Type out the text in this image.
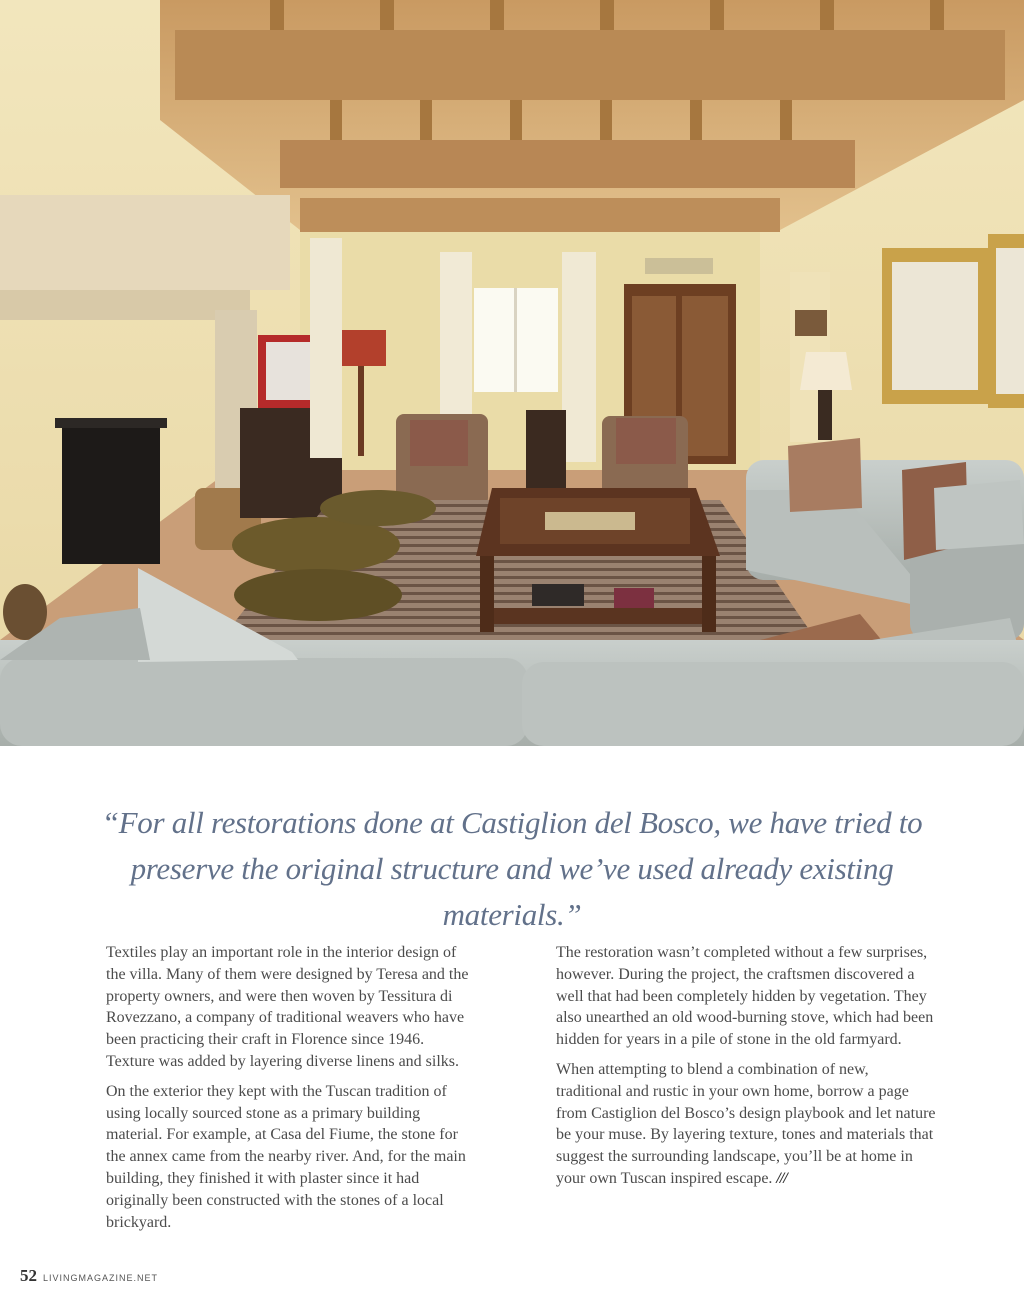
“For all restorations done at Castiglion del Bosco, we have tried to preserve the original structure and we’ve used already existing materials.”

Textiles play an important role in the interior design of the villa. Many of them were designed by Teresa and the property owners, and were then woven by Tessitura di Rovezzano, a company of traditional weavers who have been practicing their craft in Florence since 1946. Texture was added by layering diverse linens and silks.

On the exterior they kept with the Tuscan tradition of using locally sourced stone as a primary building material. For example, at Casa del Fiume, the stone for the annex came from the nearby river. And, for the main building, they finished it with plaster since it had originally been constructed with the stones of a local brickyard.

The restoration wasn’t completed without a few surprises, however. During the project, the craftsmen discovered a well that had been completely hidden by vegetation. They also unearthed an old wood-burning stove, which had been hidden for years in a pile of stone in the old farmyard.

When attempting to blend a combination of new, traditional and rustic in your own home, borrow a page from Castiglion del Bosco’s design playbook and let nature be your muse. By layering texture, tones and materials that suggest the surrounding landscape, you’ll be at home in your own Tuscan inspired escape. ///

52 LIVINGMAGAZINE.NET
